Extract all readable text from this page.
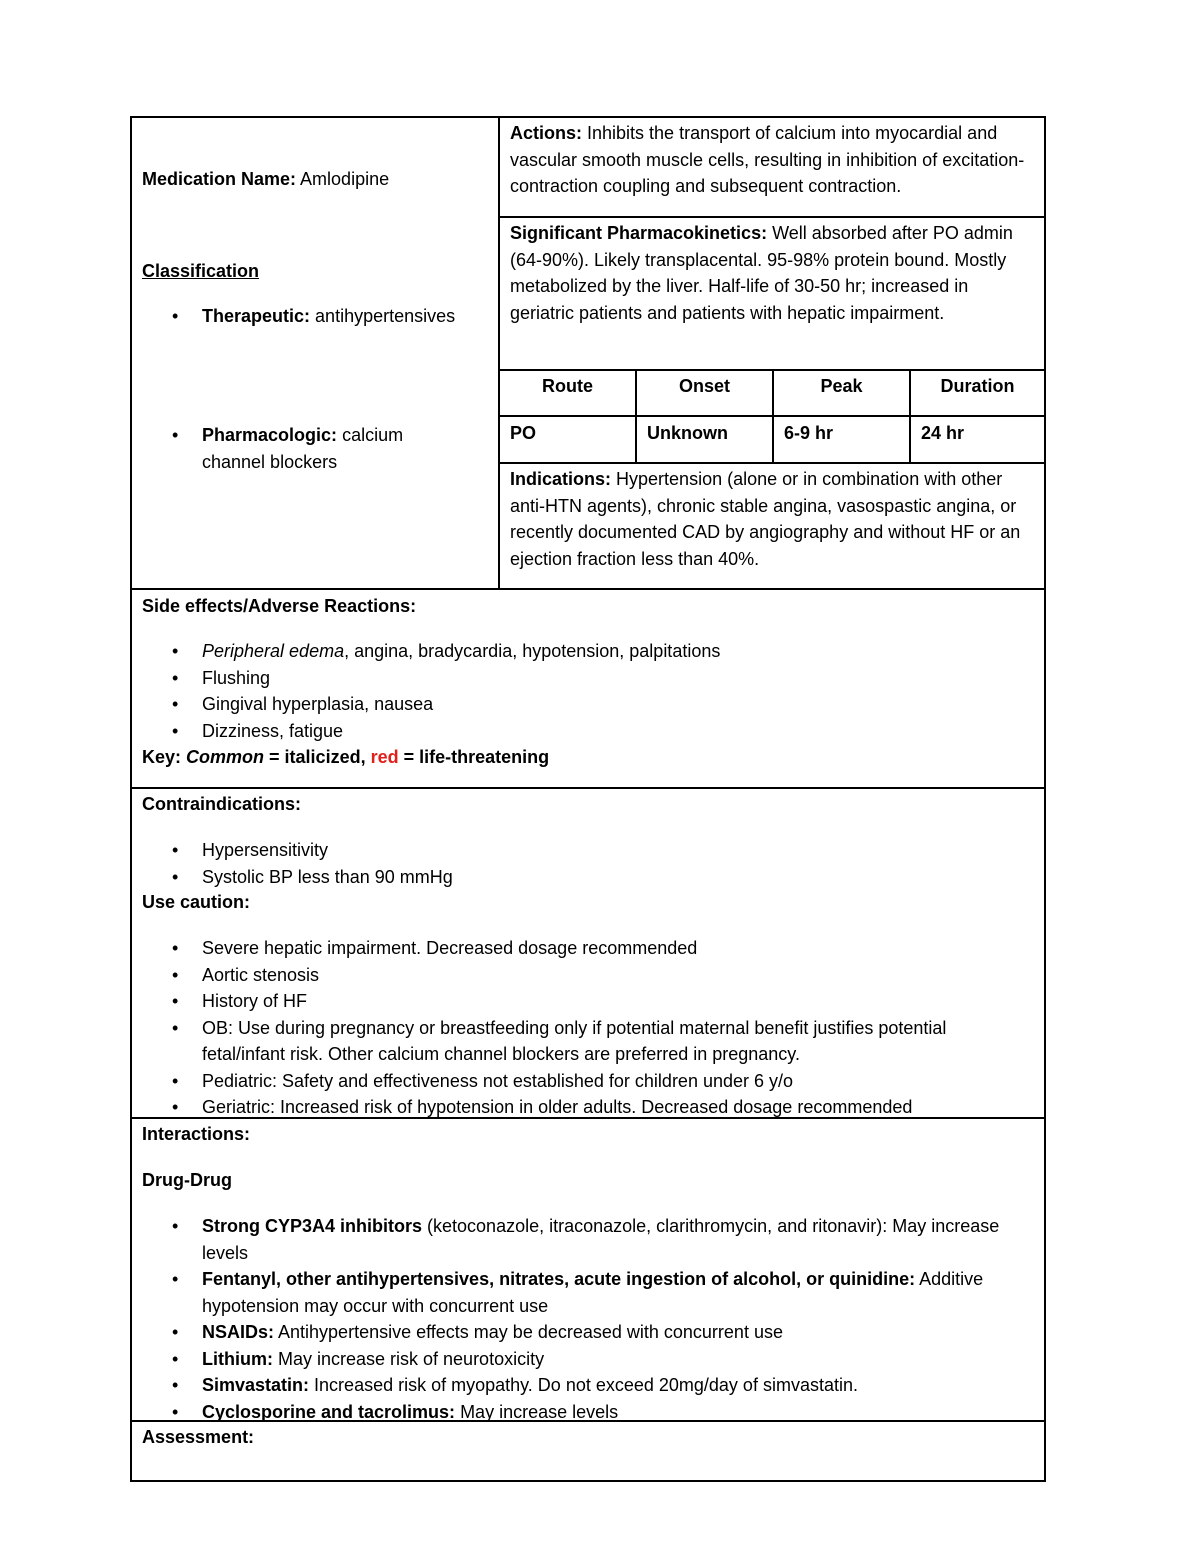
Medication Name: Amlodipine
Classification
• Therapeutic: antihypertensives
• Pharmacologic: calcium channel blockers
Actions: Inhibits the transport of calcium into myocardial and vascular smooth muscle cells, resulting in inhibition of excitation-contraction coupling and subsequent contraction.
Significant Pharmacokinetics: Well absorbed after PO admin (64-90%). Likely transplacental. 95-98% protein bound. Mostly metabolized by the liver. Half-life of 30-50 hr; increased in geriatric patients and patients with hepatic impairment.
Route	Onset	Peak	Duration
PO	Unknown	6-9 hr	24 hr
Indications: Hypertension (alone or in combination with other anti-HTN agents), chronic stable angina, vasospastic angina, or recently documented CAD by angiography and without HF or an ejection fraction less than 40%.
Side effects/Adverse Reactions:
• Peripheral edema, angina, bradycardia, hypotension, palpitations
• Flushing
• Gingival hyperplasia, nausea
• Dizziness, fatigue
Key: Common = italicized, red = life-threatening
Contraindications:
• Hypersensitivity
• Systolic BP less than 90 mmHg
Use caution:
• Severe hepatic impairment. Decreased dosage recommended
• Aortic stenosis
• History of HF
• OB: Use during pregnancy or breastfeeding only if potential maternal benefit justifies potential fetal/infant risk. Other calcium channel blockers are preferred in pregnancy.
• Pediatric: Safety and effectiveness not established for children under 6 y/o
• Geriatric: Increased risk of hypotension in older adults. Decreased dosage recommended
Interactions:
Drug-Drug
• Strong CYP3A4 inhibitors (ketoconazole, itraconazole, clarithromycin, and ritonavir): May increase levels
• Fentanyl, other antihypertensives, nitrates, acute ingestion of alcohol, or quinidine: Additive hypotension may occur with concurrent use
• NSAIDs: Antihypertensive effects may be decreased with concurrent use
• Lithium: May increase risk of neurotoxicity
• Simvastatin: Increased risk of myopathy. Do not exceed 20mg/day of simvastatin.
• Cyclosporine and tacrolimus: May increase levels
Assessment:
